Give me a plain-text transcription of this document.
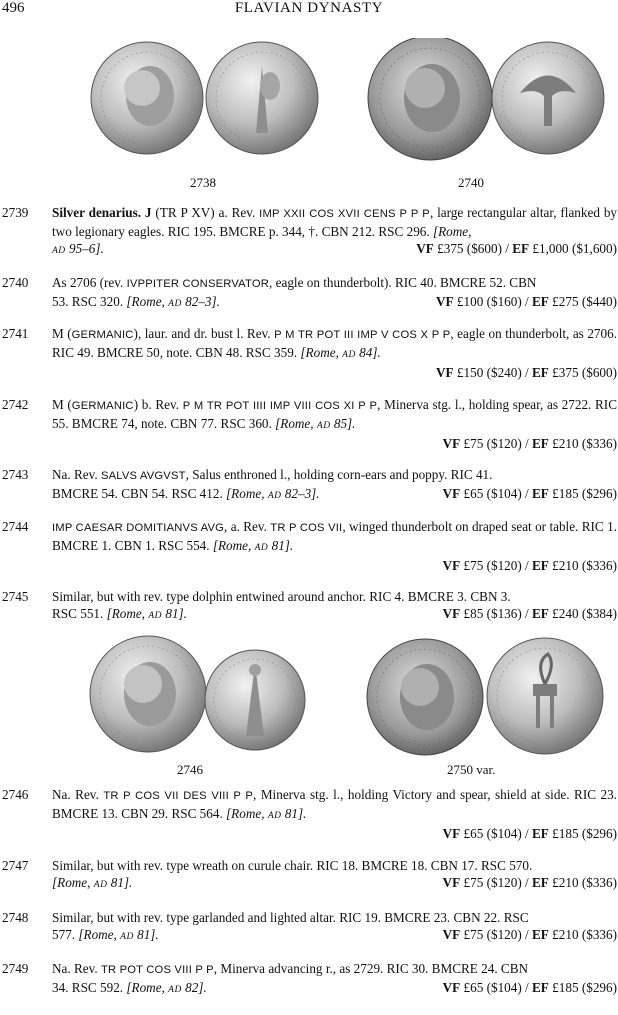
496	FLAVIAN DYNASTY
2738	2740
2739 Silver denarius. J (TR P XV) a. Rev. IMP XXII COS XVII CENS P P P, large rectangular altar, flanked by two legionary eagles. RIC 195. BMCRE p. 344, †. CBN 212. RSC 296. [Rome,

AD 95–6].	VF £375 ($600) / EF £1,000 ($1,600)
2740 As 2706 (rev. IVPPITER CONSERVATOR, eagle on thunderbolt). RIC 40. BMCRE 52. CBN

53. RSC 320. [Rome, AD 82–3].	VF £100 ($160) / EF £275 ($440)
2741 M (GERMANIC), laur. and dr. bust l. Rev. P M TR POT III IMP V COS X P P, eagle on thunderbolt, as 2706. RIC 49. BMCRE 50, note. CBN 48. RSC 359. [Rome, AD 84].

VF £150 ($240) / EF £375 ($600)
2742 M (GERMANIC) b. Rev. P M TR POT IIII IMP VIII COS XI P P, Minerva stg. l., holding spear, as 2722. RIC 55. BMCRE 74, note. CBN 77. RSC 360. [Rome, AD 85].

VF £75 ($120) / EF £210 ($336)
2743 Na. Rev. SALVS AVGVST, Salus enthroned l., holding corn-ears and poppy. RIC 41.

BMCRE 54. CBN 54. RSC 412. [Rome, AD 82–3].	VF £65 ($104) / EF £185 ($296)
2744 IMP CAESAR DOMITIANVS AVG, a. Rev. TR P COS VII, winged thunderbolt on draped seat or table. RIC 1. BMCRE 1. CBN 1. RSC 554. [Rome, AD 81].

VF £75 ($120) / EF £210 ($336)
2745 Similar, but with rev. type dolphin entwined around anchor. RIC 4. BMCRE 3. CBN 3.

RSC 551. [Rome, AD 81].	VF £85 ($136) / EF £240 ($384)
2746	2750 var.
2746 Na. Rev. TR P COS VII DES VIII P P, Minerva stg. l., holding Victory and spear, shield at side. RIC 23. BMCRE 13. CBN 29. RSC 564. [Rome, AD 81].

VF £65 ($104) / EF £185 ($296)
2747 Similar, but with rev. type wreath on curule chair. RIC 18. BMCRE 18. CBN 17. RSC 570.

[Rome, AD 81].	VF £75 ($120) / EF £210 ($336)
2748 Similar, but with rev. type garlanded and lighted altar. RIC 19. BMCRE 23. CBN 22. RSC

577. [Rome, AD 81].	VF £75 ($120) / EF £210 ($336)
2749 Na. Rev. TR POT COS VIII P P, Minerva advancing r., as 2729. RIC 30. BMCRE 24. CBN

34. RSC 592. [Rome, AD 82].	VF £65 ($104) / EF £185 ($296)
